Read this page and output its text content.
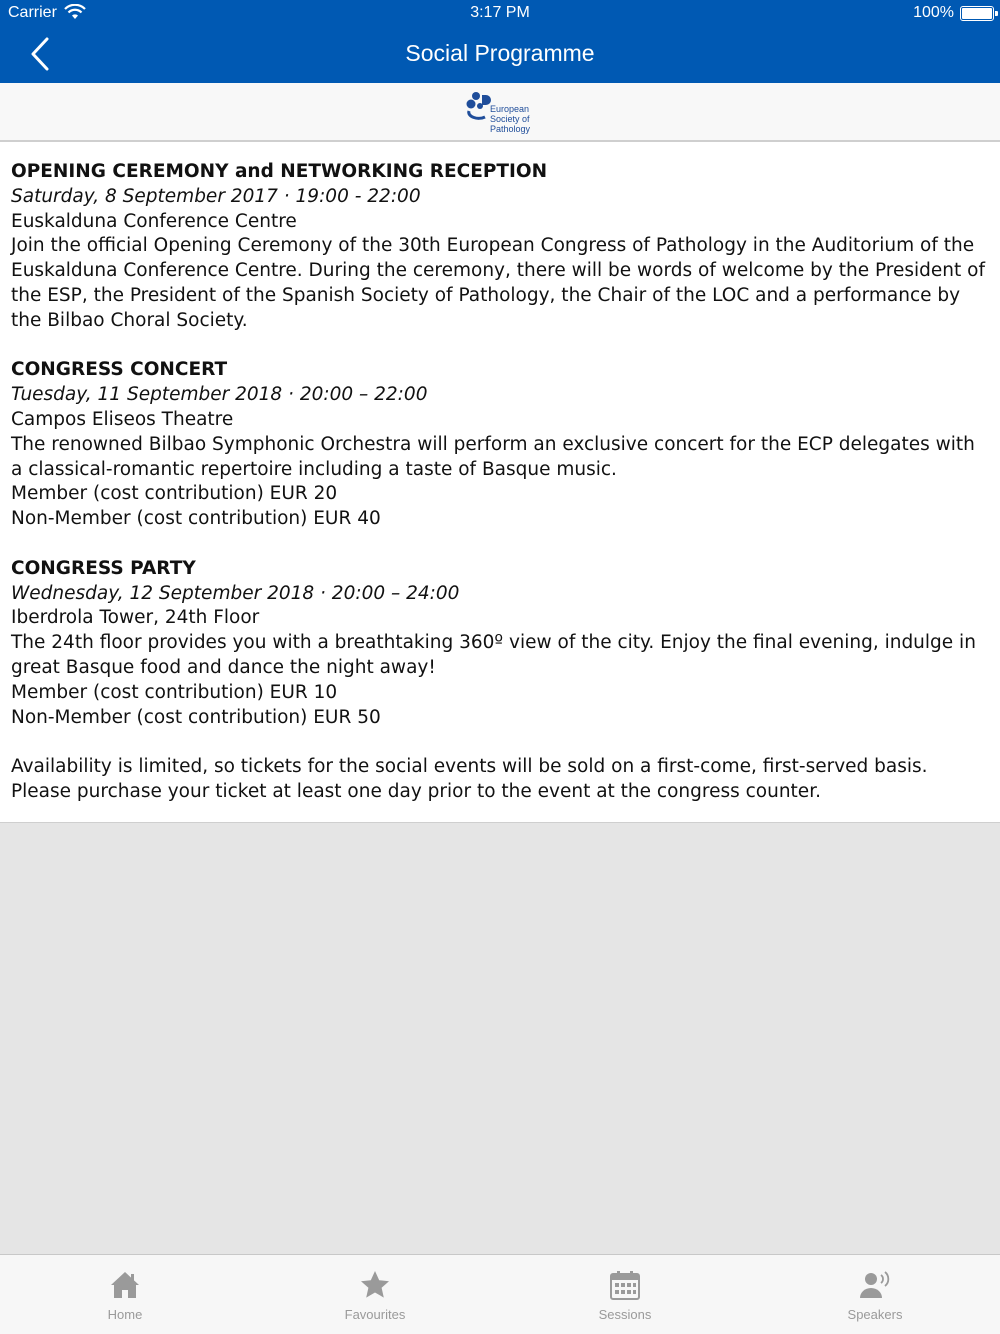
Carrier	3:17 PM	100%
Social Programme
European
Society of
Pathology
OPENING CEREMONY and NETWORKING RECEPTION
Saturday, 8 September 2017 · 19:00 - 22:00
Euskalduna Conference Centre
Join the official Opening Ceremony of the 30th European Congress of Pathology in the Auditorium of the Euskalduna Conference Centre. During the ceremony, there will be words of welcome by the President of the ESP, the President of the Spanish Society of Pathology, the Chair of the LOC and a performance by the Bilbao Choral Society.
CONGRESS CONCERT
Tuesday, 11 September 2018 · 20:00 – 22:00
Campos Eliseos Theatre
The renowned Bilbao Symphonic Orchestra will perform an exclusive concert for the ECP delegates with a classical-romantic repertoire including a taste of Basque music.
Member (cost contribution) EUR 20
Non-Member (cost contribution) EUR 40
CONGRESS PARTY
Wednesday, 12 September 2018 · 20:00 – 24:00
Iberdrola Tower, 24th Floor
The 24th floor provides you with a breathtaking 360º view of the city. Enjoy the final evening, indulge in great Basque food and dance the night away!
Member (cost contribution) EUR 10
Non-Member (cost contribution) EUR 50
Availability is limited, so tickets for the social events will be sold on a first-come, first-served basis.
Please purchase your ticket at least one day prior to the event at the congress counter.
Home	Favourites	Sessions	Speakers
